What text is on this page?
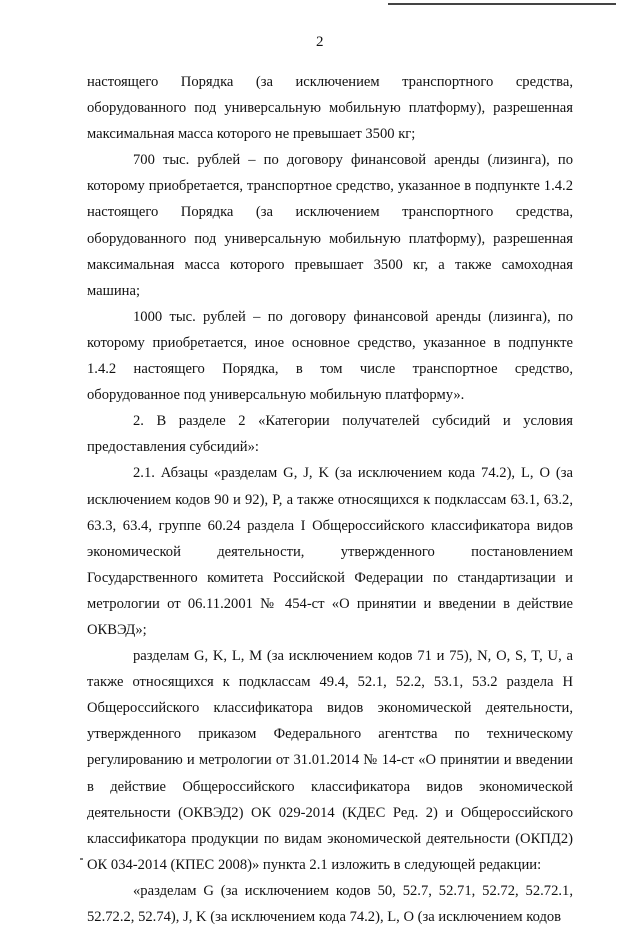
2

настоящего Порядка (за исключением транспортного средства, оборудованного под универсальную мобильную платформу), разрешенная максимальная масса которого не превышает 3500 кг;

700 тыс. рублей – по договору финансовой аренды (лизинга), по которому приобретается, транспортное средство, указанное в подпункте 1.4.2 настоящего Порядка (за исключением транспортного средства, оборудованного под универсальную мобильную платформу), разрешенная максимальная масса которого превышает 3500 кг, а также самоходная машина;

1000 тыс. рублей – по договору финансовой аренды (лизинга), по которому приобретается, иное основное средство, указанное в подпункте 1.4.2 настоящего Порядка, в том числе транспортное средство, оборудованное под универсальную мобильную платформу».

2. В разделе 2 «Категории получателей субсидий и условия предоставления субсидий»:

2.1. Абзацы «разделам G, J, K (за исключением кода 74.2), L, O (за исключением кодов 90 и 92), P, а также относящихся к подклассам 63.1, 63.2, 63.3, 63.4, группе 60.24 раздела I Общероссийского классификатора видов экономической деятельности, утвержденного постановлением Государственного комитета Российской Федерации по стандартизации и метрологии от 06.11.2001 № 454-ст «О принятии и введении в действие ОКВЭД»;

разделам G, K, L, M (за исключением кодов 71 и 75), N, O, S, T, U, а также относящихся к подклассам 49.4, 52.1, 52.2, 53.1, 53.2 раздела H Общероссийского классификатора видов экономической деятельности, утвержденного приказом Федерального агентства по техническому регулированию и метрологии от 31.01.2014 № 14-ст «О принятии и введении в действие Общероссийского классификатора видов экономической деятельности (ОКВЭД2) ОК 029-2014 (КДЕС Ред. 2) и Общероссийского классификатора продукции по видам экономической деятельности (ОКПД2) ОК 034-2014 (КПЕС 2008)» пункта 2.1 изложить в следующей редакции:

«разделам G (за исключением кодов 50, 52.7, 52.71, 52.72, 52.72.1, 52.72.2, 52.74), J, K (за исключением кода 74.2), L, O (за исключением кодов
